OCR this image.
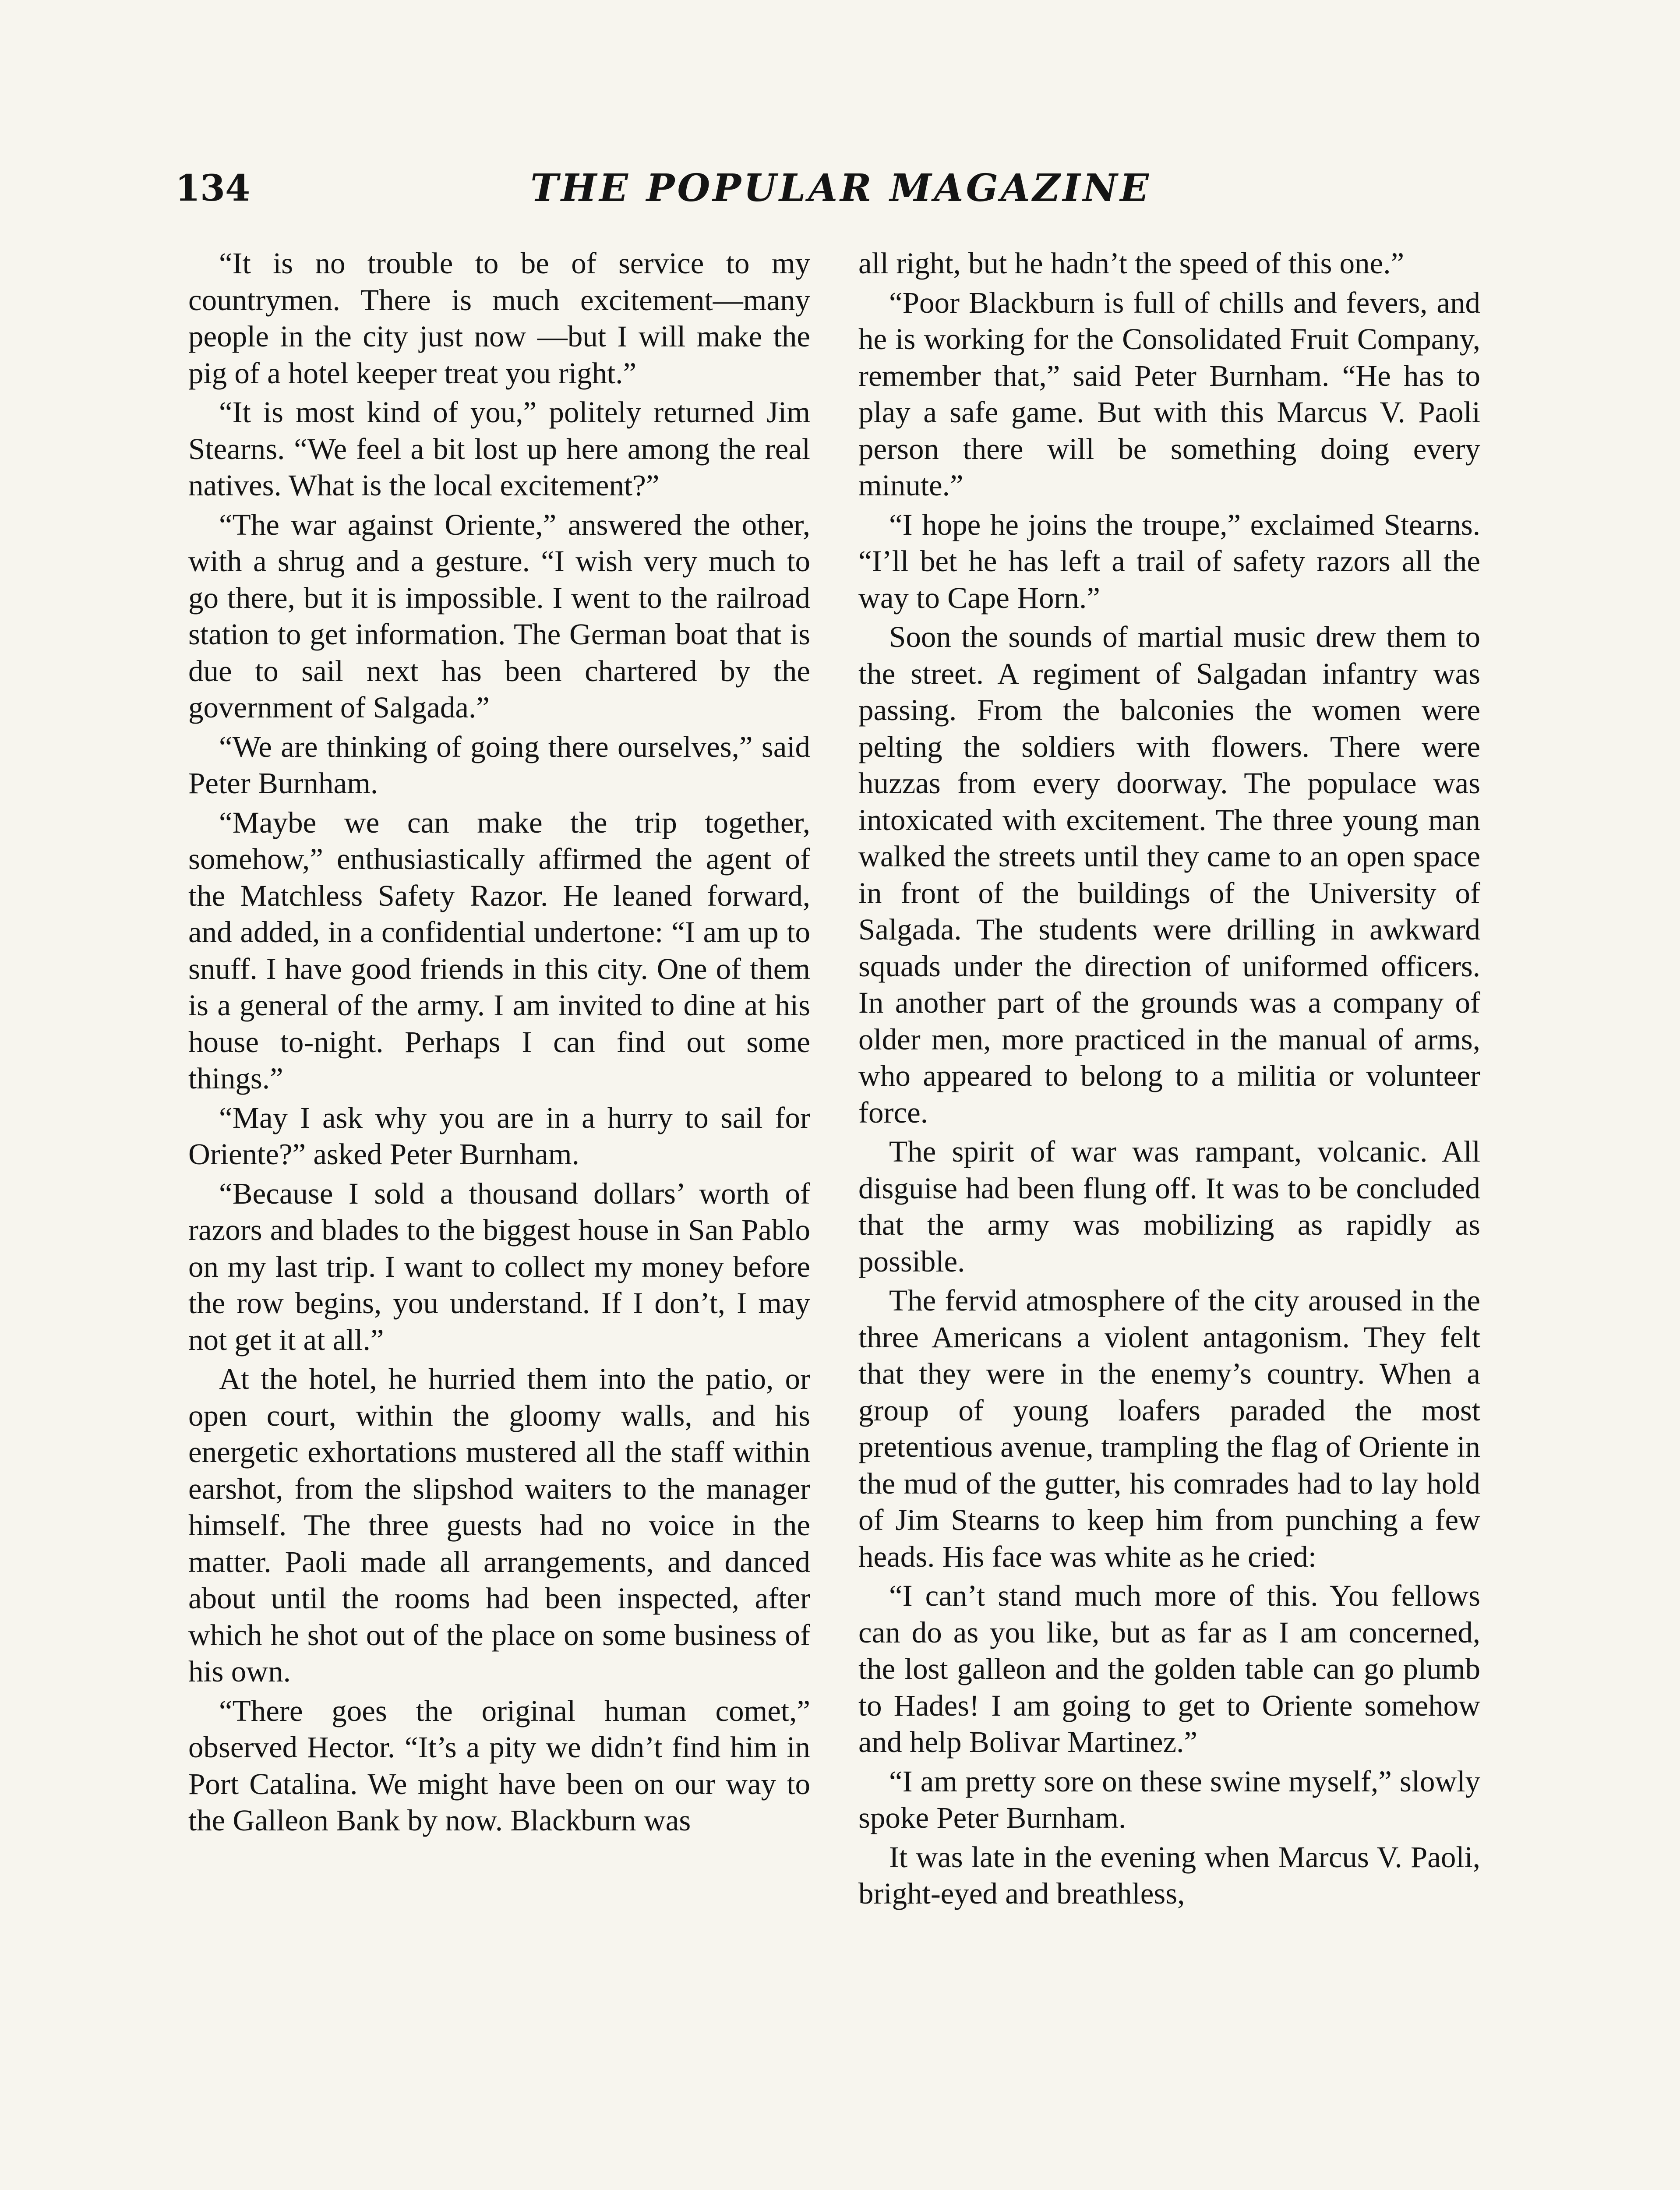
134	THE POPULAR MAGAZINE

“It is no trouble to be of service to my countrymen. There is much excitement—many people in the city just now —but I will make the pig of a hotel keeper treat you right.”

“It is most kind of you,” politely returned Jim Stearns. “We feel a bit lost up here among the real natives. What is the local excitement?”

“The war against Oriente,” answered the other, with a shrug and a gesture. “I wish very much to go there, but it is impossible. I went to the railroad station to get information. The German boat that is due to sail next has been chartered by the government of Salgada.”

“We are thinking of going there ourselves,” said Peter Burnham.

“Maybe we can make the trip together, somehow,” enthusiastically affirmed the agent of the Matchless Safety Razor. He leaned forward, and added, in a confidential undertone: “I am up to snuff. I have good friends in this city. One of them is a general of the army. I am invited to dine at his house to-night. Perhaps I can find out some things.”

“May I ask why you are in a hurry to sail for Oriente?” asked Peter Burnham.

“Because I sold a thousand dollars’ worth of razors and blades to the biggest house in San Pablo on my last trip. I want to collect my money before the row begins, you understand. If I don’t, I may not get it at all.”

At the hotel, he hurried them into the patio, or open court, within the gloomy walls, and his energetic exhortations mustered all the staff within earshot, from the slipshod waiters to the manager himself. The three guests had no voice in the matter. Paoli made all arrangements, and danced about until the rooms had been inspected, after which he shot out of the place on some business of his own.

“There goes the original human comet,” observed Hector. “It’s a pity we didn’t find him in Port Catalina. We might have been on our way to the Galleon Bank by now. Blackburn was

all right, but he hadn’t the speed of this one.”

“Poor Blackburn is full of chills and fevers, and he is working for the Consolidated Fruit Company, remember that,” said Peter Burnham. “He has to play a safe game. But with this Marcus V. Paoli person there will be something doing every minute.”

“I hope he joins the troupe,” exclaimed Stearns. “I’ll bet he has left a trail of safety razors all the way to Cape Horn.”

Soon the sounds of martial music drew them to the street. A regiment of Salgadan infantry was passing. From the balconies the women were pelting the soldiers with flowers. There were huzzas from every doorway. The populace was intoxicated with excitement. The three young man walked the streets until they came to an open space in front of the buildings of the University of Salgada. The students were drilling in awkward squads under the direction of uniformed officers. In another part of the grounds was a company of older men, more practiced in the manual of arms, who appeared to belong to a militia or volunteer force.

The spirit of war was rampant, volcanic. All disguise had been flung off. It was to be concluded that the army was mobilizing as rapidly as possible.

The fervid atmosphere of the city aroused in the three Americans a violent antagonism. They felt that they were in the enemy’s country. When a group of young loafers paraded the most pretentious avenue, trampling the flag of Oriente in the mud of the gutter, his comrades had to lay hold of Jim Stearns to keep him from punching a few heads. His face was white as he cried:

“I can’t stand much more of this. You fellows can do as you like, but as far as I am concerned, the lost galleon and the golden table can go plumb to Hades! I am going to get to Oriente somehow and help Bolivar Martinez.”

“I am pretty sore on these swine myself,” slowly spoke Peter Burnham.

It was late in the evening when Marcus V. Paoli, bright-eyed and breathless,
